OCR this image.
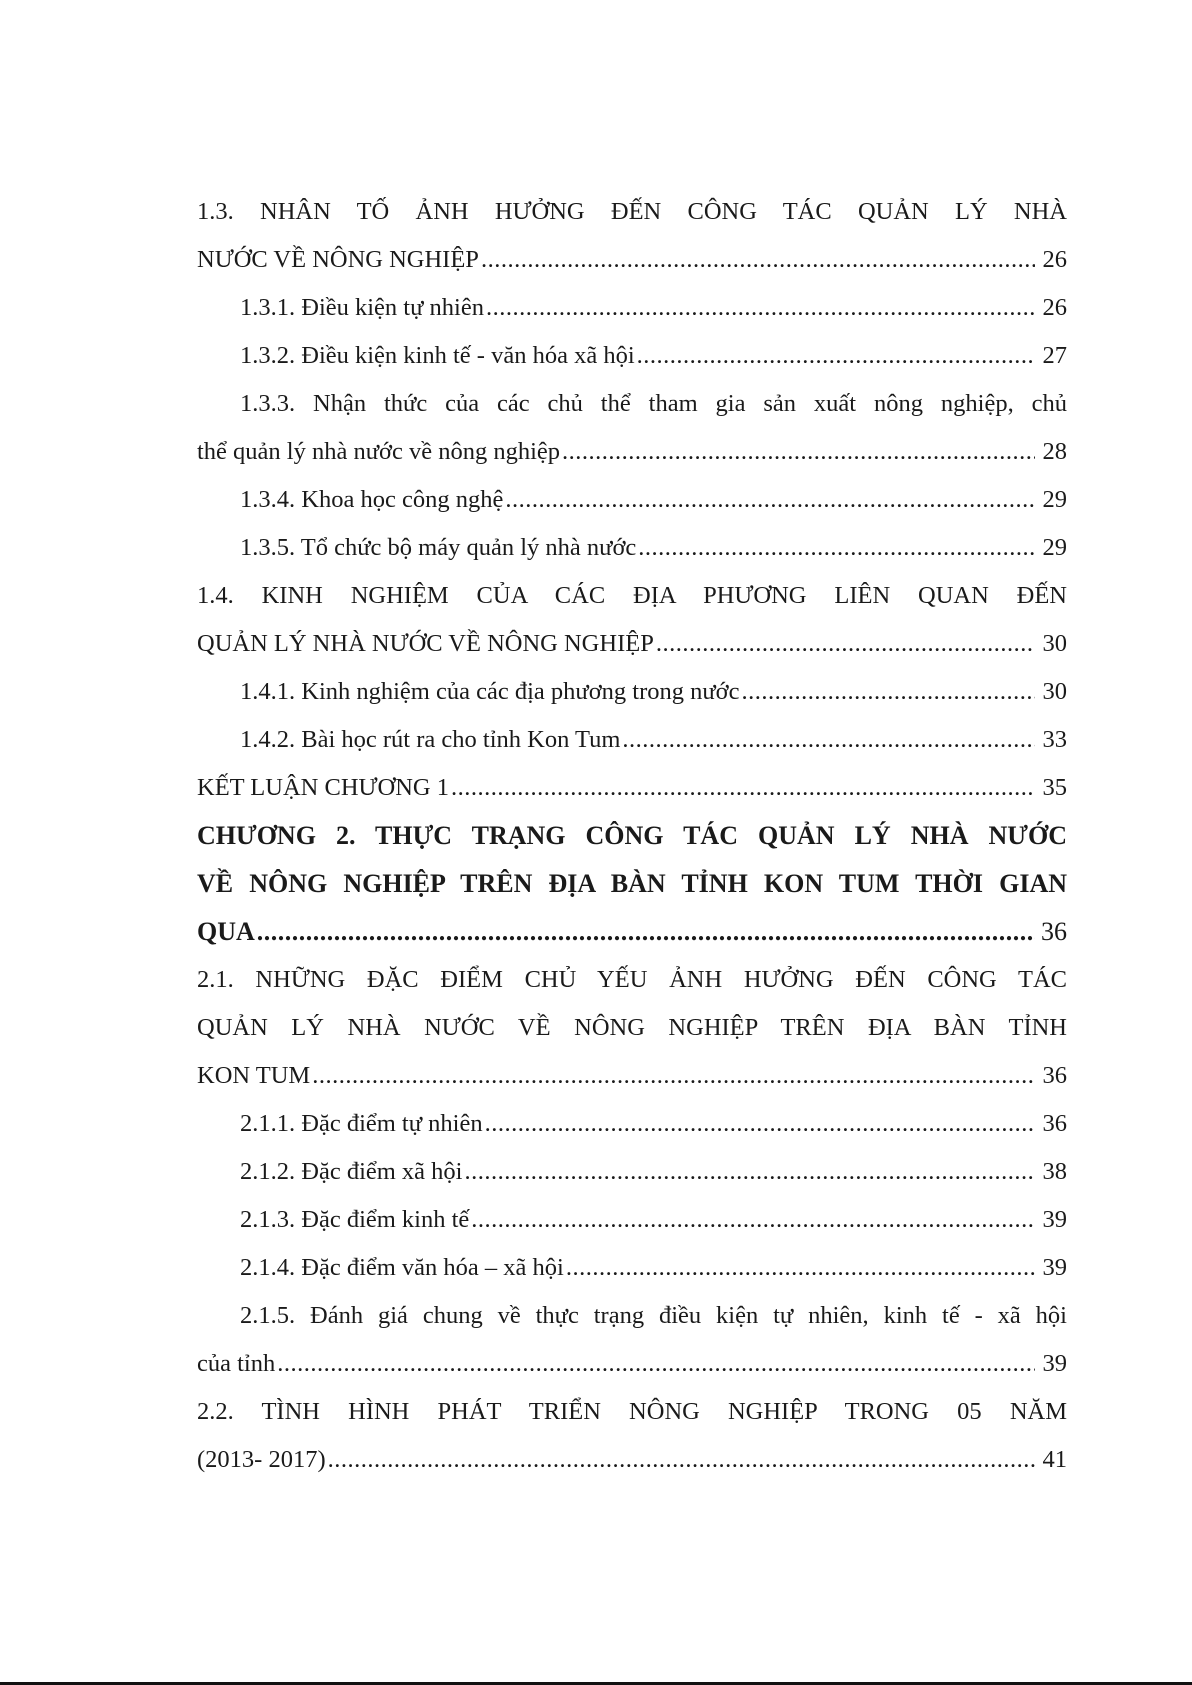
1.3. NHÂN TỐ ẢNH HƯỞNG ĐẾN CÔNG TÁC QUẢN LÝ NHÀ
NƯỚC VỀ NÔNG NGHIỆP .....	26
1.3.1. Điều kiện tự nhiên .....	26
1.3.2. Điều kiện kinh tế - văn hóa xã hội .....	27
1.3.3. Nhận thức của các chủ thể tham gia sản xuất nông nghiệp, chủ
thể quản lý nhà nước về nông nghiệp .....	28
1.3.4. Khoa học công nghệ .....	29
1.3.5. Tổ chức bộ máy quản lý nhà nước .....	29
1.4. KINH NGHIỆM CỦA CÁC ĐỊA PHƯƠNG LIÊN QUAN ĐẾN
QUẢN LÝ NHÀ NƯỚC VỀ NÔNG NGHIỆP .....	30
1.4.1. Kinh nghiệm của các địa phương trong nước .....	30
1.4.2. Bài học rút ra cho tỉnh Kon Tum .....	33
KẾT LUẬN CHƯƠNG 1 .....	35
CHƯƠNG 2. THỰC TRẠNG CÔNG TÁC QUẢN LÝ NHÀ NƯỚC
VỀ NÔNG NGHIỆP TRÊN ĐỊA BÀN TỈNH KON TUM THỜI GIAN
QUA .....	36
2.1. NHỮNG ĐẶC ĐIỂM CHỦ YẾU ẢNH HƯỞNG ĐẾN CÔNG TÁC
QUẢN LÝ NHÀ NƯỚC VỀ NÔNG NGHIỆP TRÊN ĐỊA BÀN TỈNH
KON TUM .....	36
2.1.1. Đặc điểm tự nhiên .....	36
2.1.2. Đặc điểm xã hội .....	38
2.1.3. Đặc điểm kinh tế .....	39
2.1.4. Đặc điểm văn hóa – xã hội .....	39
2.1.5. Đánh giá chung về thực trạng điều kiện tự nhiên, kinh tế - xã hội
của tỉnh .....	39
2.2. TÌNH HÌNH PHÁT TRIỂN NÔNG NGHIỆP TRONG 05 NĂM
(2013- 2017) .....	41
